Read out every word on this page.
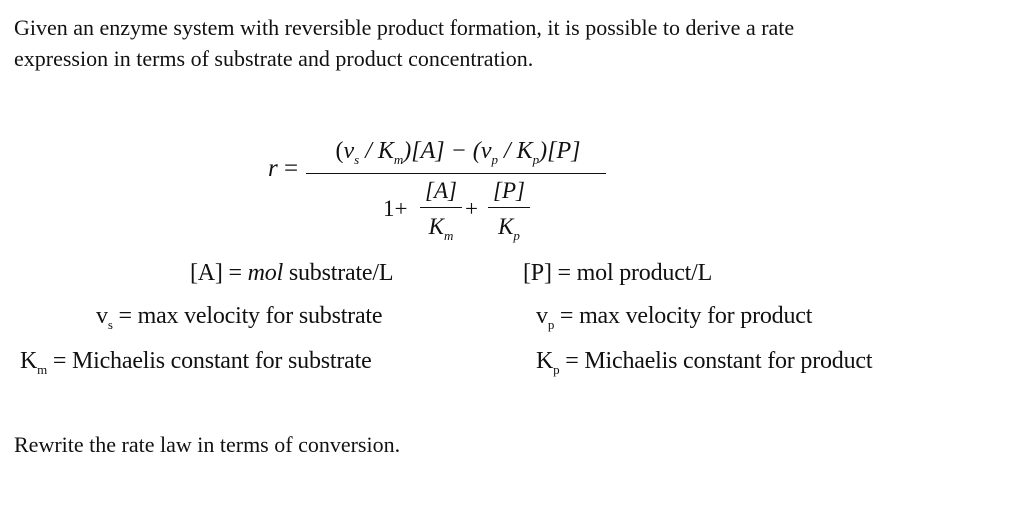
Given an enzyme system with reversible product formation, it is possible to derive a rate
expression in terms of substrate and product concentration.

r =
$(v_s / K_m)[A] - (v_p / K_p)[P]$
1+
[A]
$K_m$
+
[P]
$K_p$
[A] = mol substrate/L	[P] = mol product/L
$v_s = \max$ velocity for substrate	$v_p = \max$ velocity for product
$K_m$ = Michaelis constant for substrate	$K_p$ = Michaelis constant for product

Rewrite the rate law in terms of conversion.
